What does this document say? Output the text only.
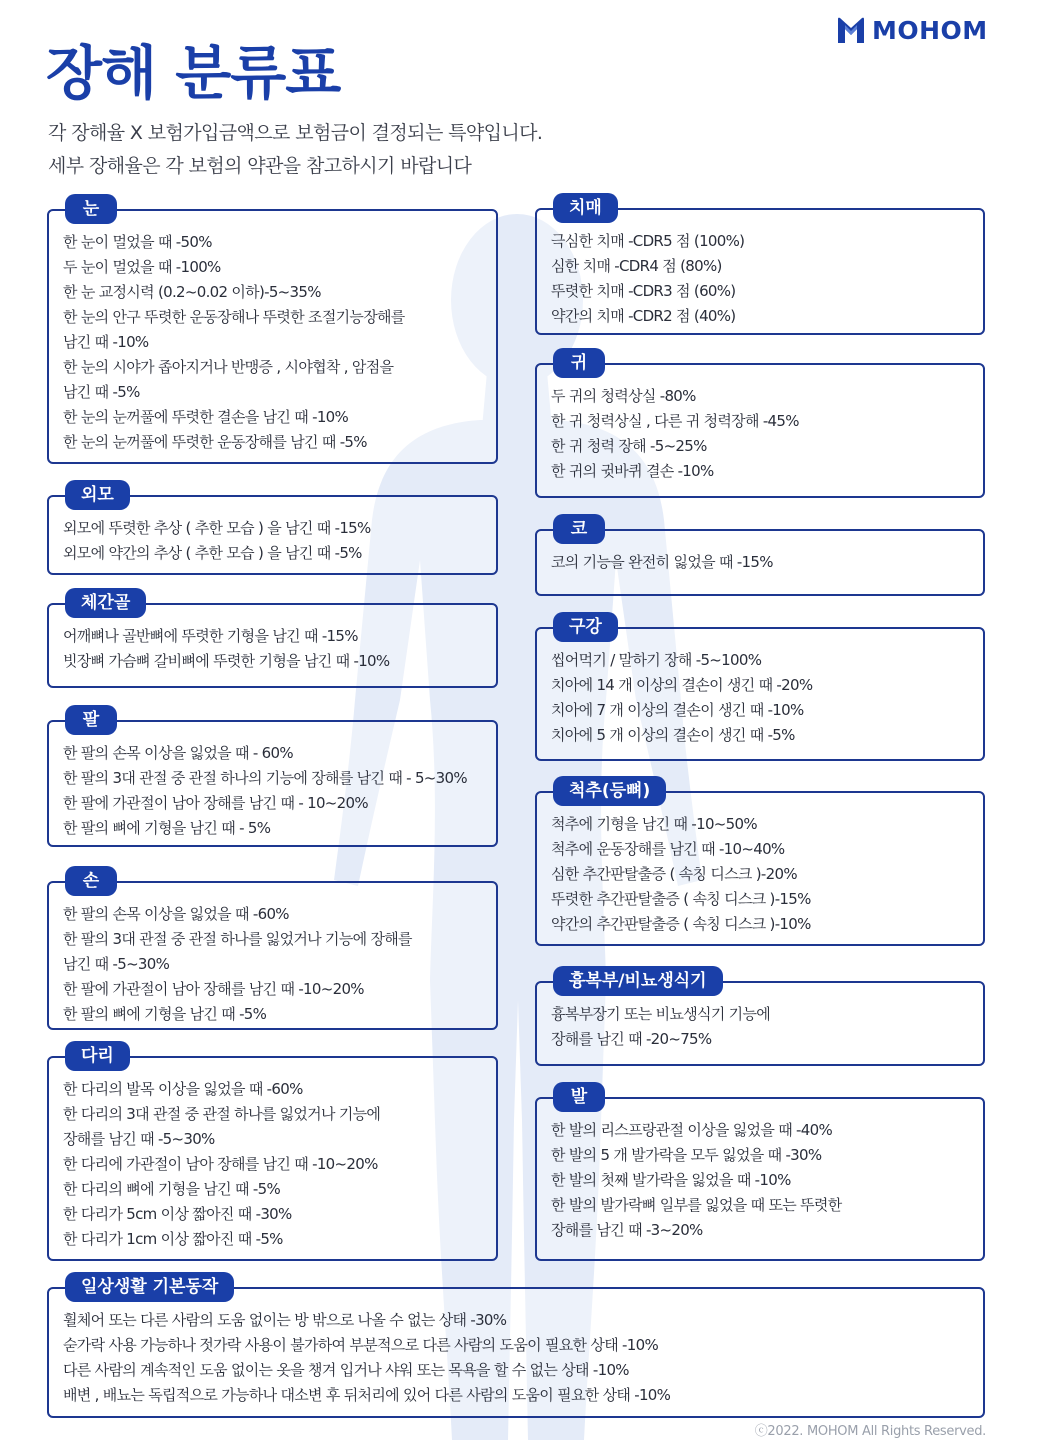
MOHOM
장해 분류표
각 장해율 X 보험가입금액으로 보험금이 결정되는 특약입니다.
세부 장해율은 각 보험의 약관을 참고하시기 바랍니다
눈
한 눈이 멀었을 때 -50%
두 눈이 멀었을 때 -100%
한 눈 교정시력 (0.2~0.02 이하)-5~35%
한 눈의 안구 뚜렷한 운동장해나 뚜렷한 조절기능장해를
남긴 때 -10%
한 눈의 시야가 좁아지거나 반맹증 , 시야협착 , 암점을
남긴 때 -5%
한 눈의 눈꺼풀에 뚜렷한 결손을 남긴 때 -10%
한 눈의 눈꺼풀에 뚜렷한 운동장해를 남긴 때 -5%
외모
외모에 뚜렷한 추상 ( 추한 모습 ) 을 남긴 때 -15%
외모에 약간의 추상 ( 추한 모습 ) 을 남긴 때 -5%
체간골
어깨뼈나 골반뼈에 뚜렷한 기형을 남긴 때 -15%
빗장뼈 가슴뼈 갈비뼈에 뚜렷한 기형을 남긴 때 -10%
팔
한 팔의 손목 이상을 잃었을 때 - 60%
한 팔의 3대 관절 중 관절 하나의 기능에 장해를 남긴 때 - 5~30%
한 팔에 가관절이 남아 장해를 남긴 때 - 10~20%
한 팔의 뼈에 기형을 남긴 때 - 5%
손
한 팔의 손목 이상을 잃었을 때 -60%
한 팔의 3대 관절 중 관절 하나를 잃었거나 기능에 장해를
남긴 때 -5~30%
한 팔에 가관절이 남아 장해를 남긴 때 -10~20%
한 팔의 뼈에 기형을 남긴 때 -5%
다리
한 다리의 발목 이상을 잃었을 때 -60%
한 다리의 3대 관절 중 관절 하나를 잃었거나 기능에
장해를 남긴 때 -5~30%
한 다리에 가관절이 남아 장해를 남긴 때 -10~20%
한 다리의 뼈에 기형을 남긴 때 -5%
한 다리가 5cm 이상 짧아진 때 -30%
한 다리가 1cm 이상 짧아진 때 -5%
치매
극심한 치매 -CDR5 점 (100%)
심한 치매 -CDR4 점 (80%)
뚜렷한 치매 -CDR3 점 (60%)
약간의 치매 -CDR2 점 (40%)
귀
두 귀의 청력상실 -80%
한 귀 청력상실 , 다른 귀 청력장해 -45%
한 귀 청력 장해 -5~25%
한 귀의 귓바퀴 결손 -10%
코
코의 기능을 완전히 잃었을 때 -15%
구강
씹어먹기 / 말하기 장해 -5~100%
치아에 14 개 이상의 결손이 생긴 때 -20%
치아에 7 개 이상의 결손이 생긴 때 -10%
치아에 5 개 이상의 결손이 생긴 때 -5%
척추(등뼈)
척추에 기형을 남긴 때 -10~50%
척추에 운동장해를 남긴 때 -10~40%
심한 추간판탈출증 ( 속칭 디스크 )-20%
뚜렷한 추간판탈출증 ( 속칭 디스크 )-15%
약간의 추간판탈출증 ( 속칭 디스크 )-10%
흉복부/비뇨생식기
흉복부장기 또는 비뇨생식기 기능에
장해를 남긴 때 -20~75%
발
한 발의 리스프랑관절 이상을 잃었을 때 -40%
한 발의 5 개 발가락을 모두 잃었을 때 -30%
한 발의 첫째 발가락을 잃었을 때 -10%
한 발의 발가락뼈 일부를 잃었을 때 또는 뚜렷한
장해를 남긴 때 -3~20%
일상생활 기본동작
휠체어 또는 다른 사람의 도움 없이는 방 밖으로 나올 수 없는 상태 -30%
숟가락 사용 가능하나 젓가락 사용이 불가하여 부분적으로 다른 사람의 도움이 필요한 상태 -10%
다른 사람의 계속적인 도움 없이는 옷을 챙겨 입거나 샤워 또는 목욕을 할 수 없는 상태 -10%
배변 , 배뇨는 독립적으로 가능하나 대소변 후 뒤처리에 있어 다른 사람의 도움이 필요한 상태 -10%
ⓒ2022. MOHOM All Rights Reserved.
